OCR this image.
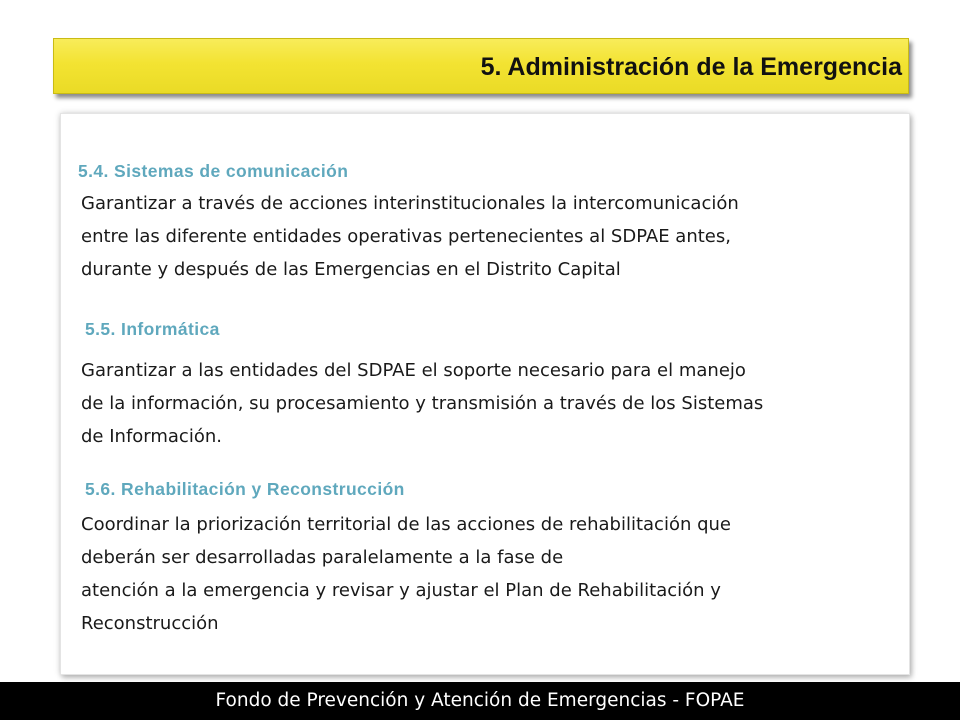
5. Administración de la Emergencia
5.4. Sistemas de comunicación
Garantizar a través de acciones interinstitucionales la intercomunicación
entre las diferente entidades operativas pertenecientes al SDPAE antes,
durante y después de las Emergencias en el Distrito Capital
5.5. Informática
Garantizar a las entidades del SDPAE el soporte necesario para el manejo
de la información, su procesamiento y transmisión a través de los Sistemas
de Información.
5.6. Rehabilitación y Reconstrucción
Coordinar la priorización territorial de las acciones de rehabilitación que
deberán ser desarrolladas paralelamente a la fase de
atención a la emergencia y revisar y ajustar el Plan de Rehabilitación y
Reconstrucción
Fondo de Prevención y Atención de Emergencias - FOPAE
